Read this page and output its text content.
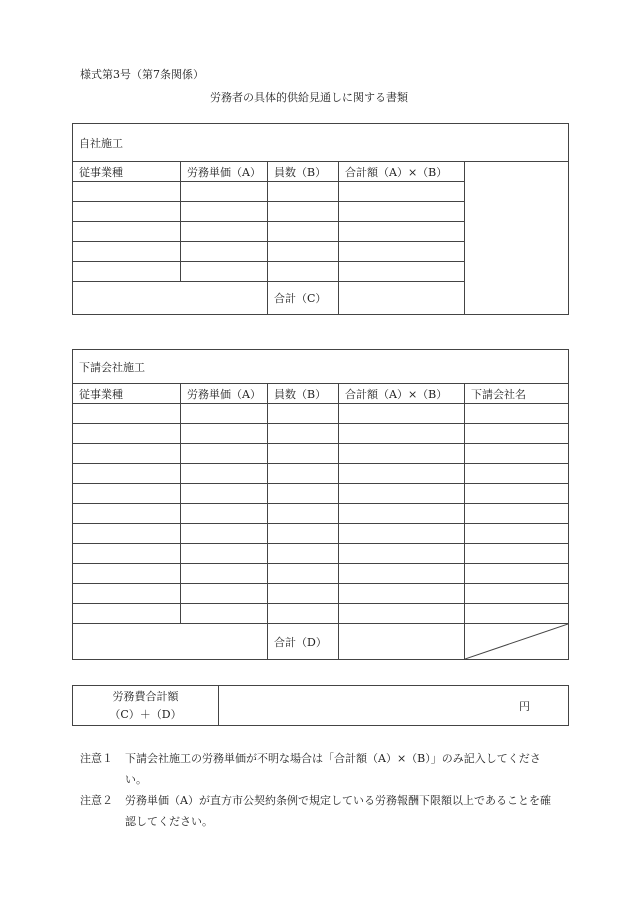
様式第3号（第7条関係）
労務者の具体的供給見通しに関する書類
自社施工				
従事業種	労務単価（A）	員数（B）	合計額（A）×（B）	

		合計（C）		
下請会社施工				
従事業種	労務単価（A）	員数（B）	合計額（A）×（B）	下請会社名

		合計（D）		
労務費合計額
（C）＋（D）
	円
注意１ 下請会社施工の労務単価が不明な場合は「合計額（A）×（B）」のみ記入してください。
注意２ 労務単価（A）が直方市公契約条例で規定している労務報酬下限額以上であることを確認してください。
